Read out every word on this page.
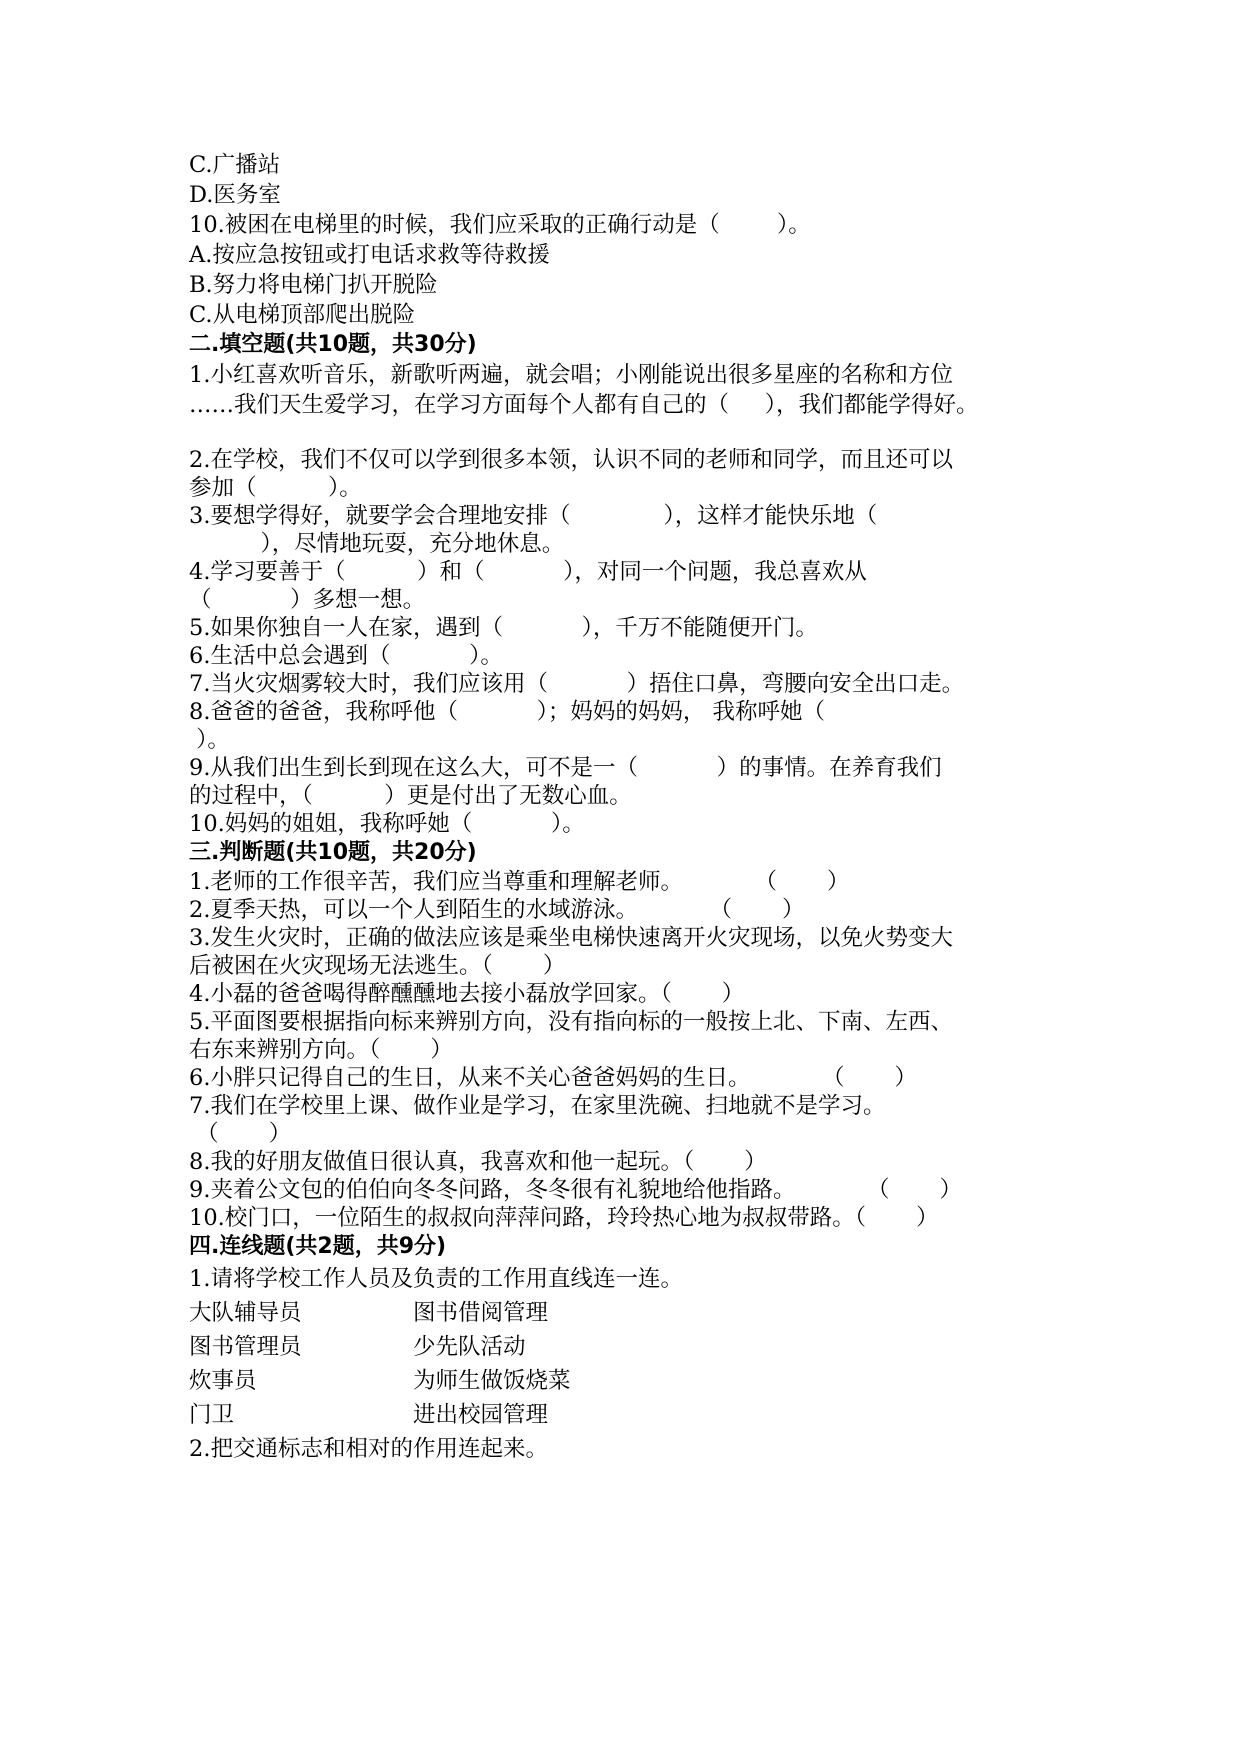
C.广播站
D.医务室
10.被困在电梯里的时候，我们应采取的正确行动是（        ）。
A.按应急按钮或打电话求救等待救援
B.努力将电梯门扒开脱险
C.从电梯顶部爬出脱险
二.填空题(共10题，共30分)
1.小红喜欢听音乐，新歌听两遍，就会唱；小刚能说出很多星座的名称和方位
……我们天生爱学习，在学习方面每个人都有自己的（     ），我们都能学得好。
2.在学校，我们不仅可以学到很多本领，认识不同的老师和同学，而且还可以
参加（          ）。
3.要想学得好，就要学会合理地安排（             ），这样才能快乐地（
），尽情地玩耍，充分地休息。
4.学习要善于（          ）和（           ），对同一个问题，我总喜欢从
（           ）多想一想。
5.如果你独自一人在家，遇到（           ），千万不能随便开门。
6.生活中总会遇到（           ）。
7.当火灾烟雾较大时，我们应该用（           ）捂住口鼻，弯腰向安全出口走。
8.爸爸的爸爸，我称呼他（           ）；妈妈的妈妈， 我称呼她（
）。
9.从我们出生到长到现在这么大，可不是一（           ）的事情。在养育我们
的过程中，（          ）更是付出了无数心血。
10.妈妈的姐姐，我称呼她（           ）。
三.判断题(共10题，共20分)
1.老师的工作很辛苦，我们应当尊重和理解老师。          （       ）
2.夏季天热，可以一个人到陌生的水域游泳。          （       ）
3.发生火灾时，正确的做法应该是乘坐电梯快速离开火灾现场，以免火势变大
后被困在火灾现场无法逃生。（       ）
4.小磊的爸爸喝得醉醺醺地去接小磊放学回家。（       ）
5.平面图要根据指向标来辨别方向，没有指向标的一般按上北、下南、左西、
右东来辨别方向。（       ）
6.小胖只记得自己的生日，从来不关心爸爸妈妈的生日。          （       ）
7.我们在学校里上课、做作业是学习，在家里洗碗、扫地就不是学习。
（       ）
8.我的好朋友做值日很认真，我喜欢和他一起玩。（       ）
9.夹着公文包的伯伯向冬冬问路，冬冬很有礼貌地给他指路。          （       ）
10.校门口，一位陌生的叔叔向萍萍问路，玲玲热心地为叔叔带路。（       ）
四.连线题(共2题，共9分)
1.请将学校工作人员及负责的工作用直线连一连。
大队辅导员	图书借阅管理
图书管理员	少先队活动
炊事员	为师生做饭烧菜
门卫	进出校园管理
2.把交通标志和相对的作用连起来。
